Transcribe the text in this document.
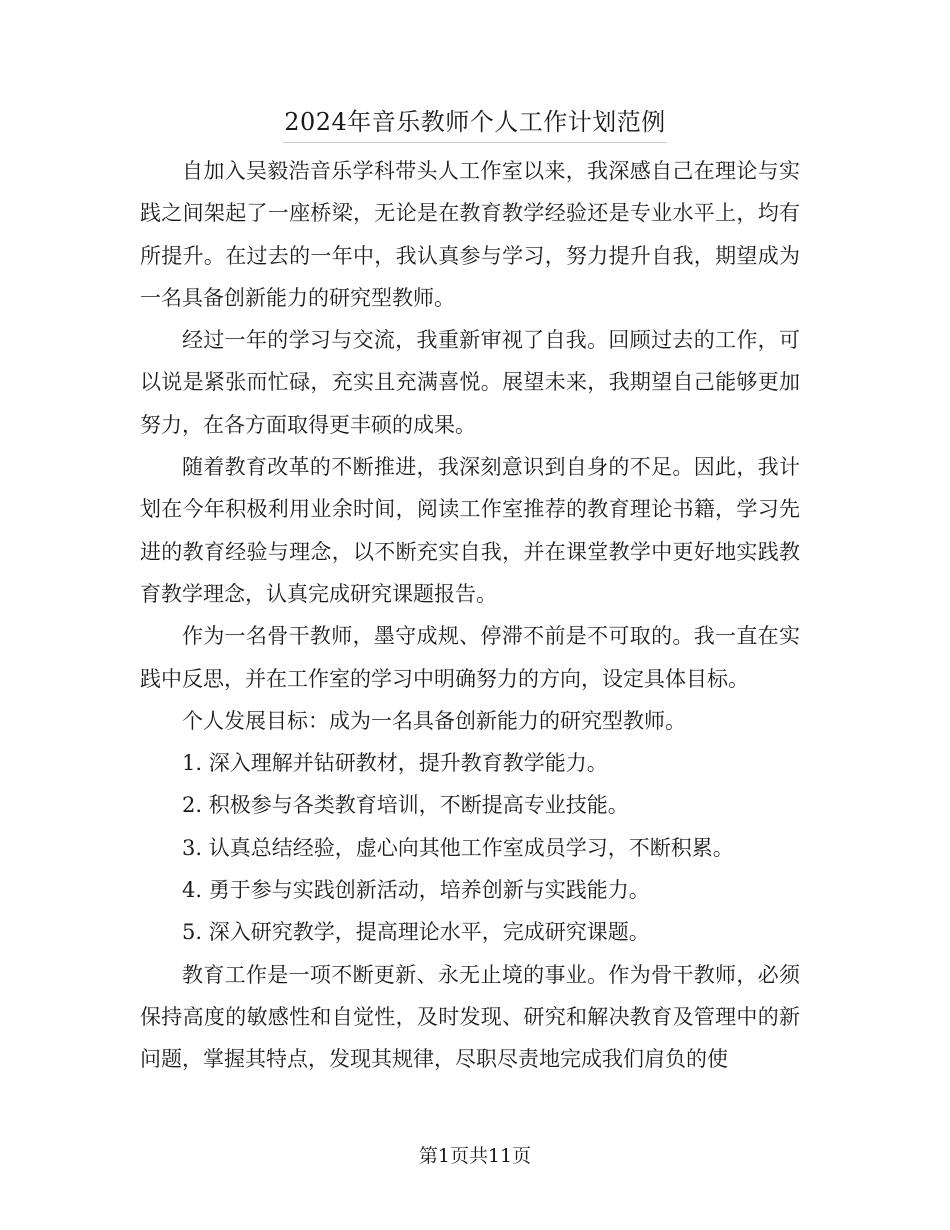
2024年音乐教师个人工作计划范例

自加入吴毅浩音乐学科带头人工作室以来，我深感自己在理论与实践之间架起了一座桥梁，无论是在教育教学经验还是专业水平上，均有所提升。在过去的一年中，我认真参与学习，努力提升自我，期望成为一名具备创新能力的研究型教师。

经过一年的学习与交流，我重新审视了自我。回顾过去的工作，可以说是紧张而忙碌，充实且充满喜悦。展望未来，我期望自己能够更加努力，在各方面取得更丰硕的成果。

随着教育改革的不断推进，我深刻意识到自身的不足。因此，我计划在今年积极利用业余时间，阅读工作室推荐的教育理论书籍，学习先进的教育经验与理念，以不断充实自我，并在课堂教学中更好地实践教育教学理念，认真完成研究课题报告。

作为一名骨干教师，墨守成规、停滞不前是不可取的。我一直在实践中反思，并在工作室的学习中明确努力的方向，设定具体目标。

个人发展目标：成为一名具备创新能力的研究型教师。

1. 深入理解并钻研教材，提升教育教学能力。

2. 积极参与各类教育培训，不断提高专业技能。

3. 认真总结经验，虚心向其他工作室成员学习，不断积累。

4. 勇于参与实践创新活动，培养创新与实践能力。

5. 深入研究教学，提高理论水平，完成研究课题。

教育工作是一项不断更新、永无止境的事业。作为骨干教师，必须保持高度的敏感性和自觉性，及时发现、研究和解决教育及管理中的新问题，掌握其特点，发现其规律，尽职尽责地完成我们肩负的使

第1页共11页
